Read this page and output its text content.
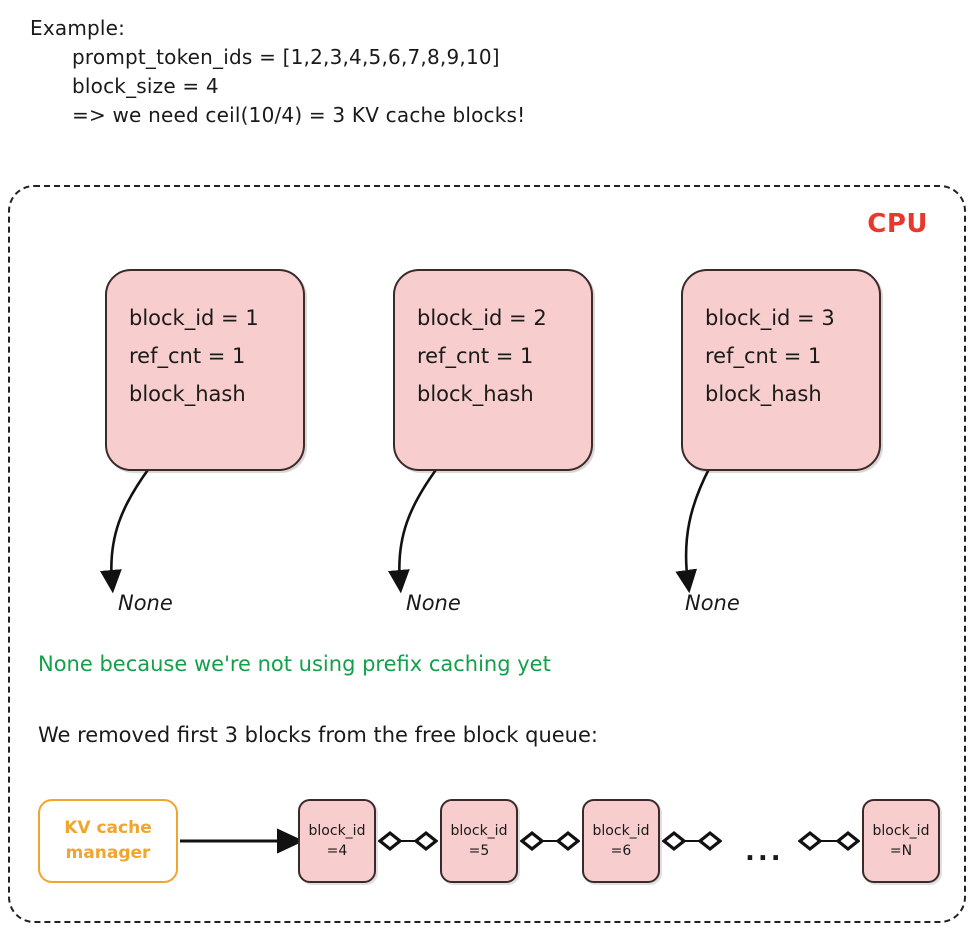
Example:
prompt_token_ids = [1,2,3,4,5,6,7,8,9,10]
block_size = 4
=> we need ceil(10/4) = 3 KV cache blocks!
CPU
block_id = 1
ref_cnt = 1
block_hash
block_id = 2
ref_cnt = 1
block_hash
block_id = 3
ref_cnt = 1
block_hash
None	None	None
None because we're not using prefix caching yet
We removed first 3 blocks from the free block queue:
KV cache
manager
block_id
=4
block_id
=5
block_id
=6	...
block_id
=N
